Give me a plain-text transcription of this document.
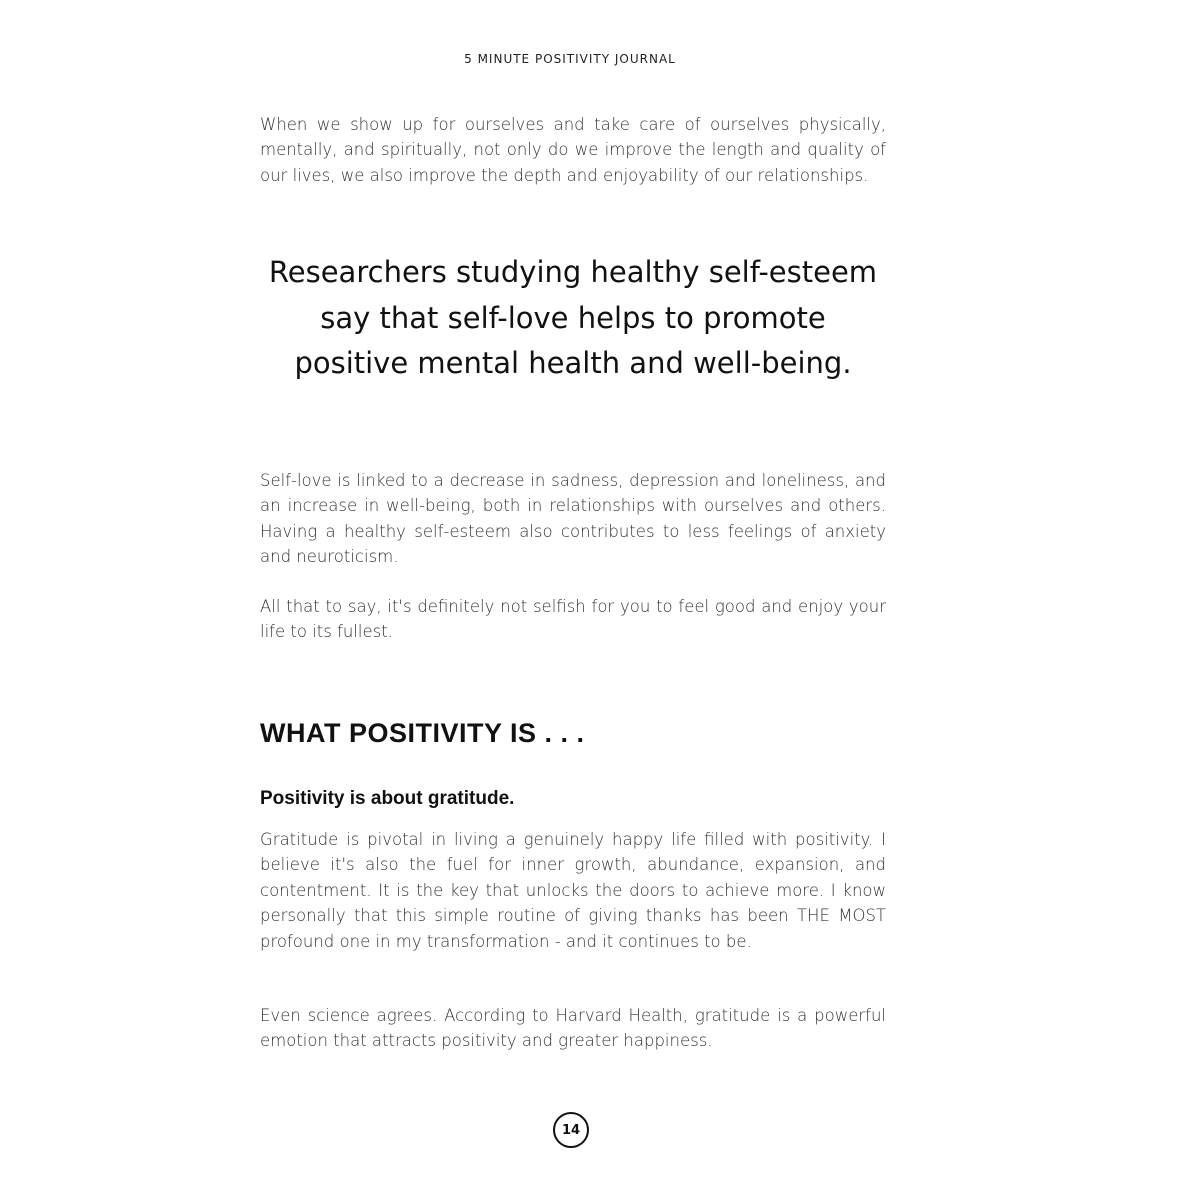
5 MINUTE POSITIVITY JOURNAL

When we show up for ourselves and take care of ourselves physically, mentally, and spiritually, not only do we improve the length and quality of our lives, we also improve the depth and enjoyability of our relationships.

Researchers studying healthy self-esteem say that self-love helps to promote positive mental health and well-being.

Self-love is linked to a decrease in sadness, depression and loneliness, and an increase in well-being, both in relationships with ourselves and others. Having a healthy self-esteem also contributes to less feelings of anxiety and neuroticism.

All that to say, it's definitely not selfish for you to feel good and enjoy your life to its fullest.

WHAT POSITIVITY IS . . .
Positivity is about gratitude.

Gratitude is pivotal in living a genuinely happy life filled with positivity. I believe it's also the fuel for inner growth, abundance, expansion, and contentment. It is the key that unlocks the doors to achieve more. I know personally that this simple routine of giving thanks has been THE MOST profound one in my transformation - and it continues to be.

Even science agrees. According to Harvard Health, gratitude is a powerful emotion that attracts positivity and greater happiness.

14
